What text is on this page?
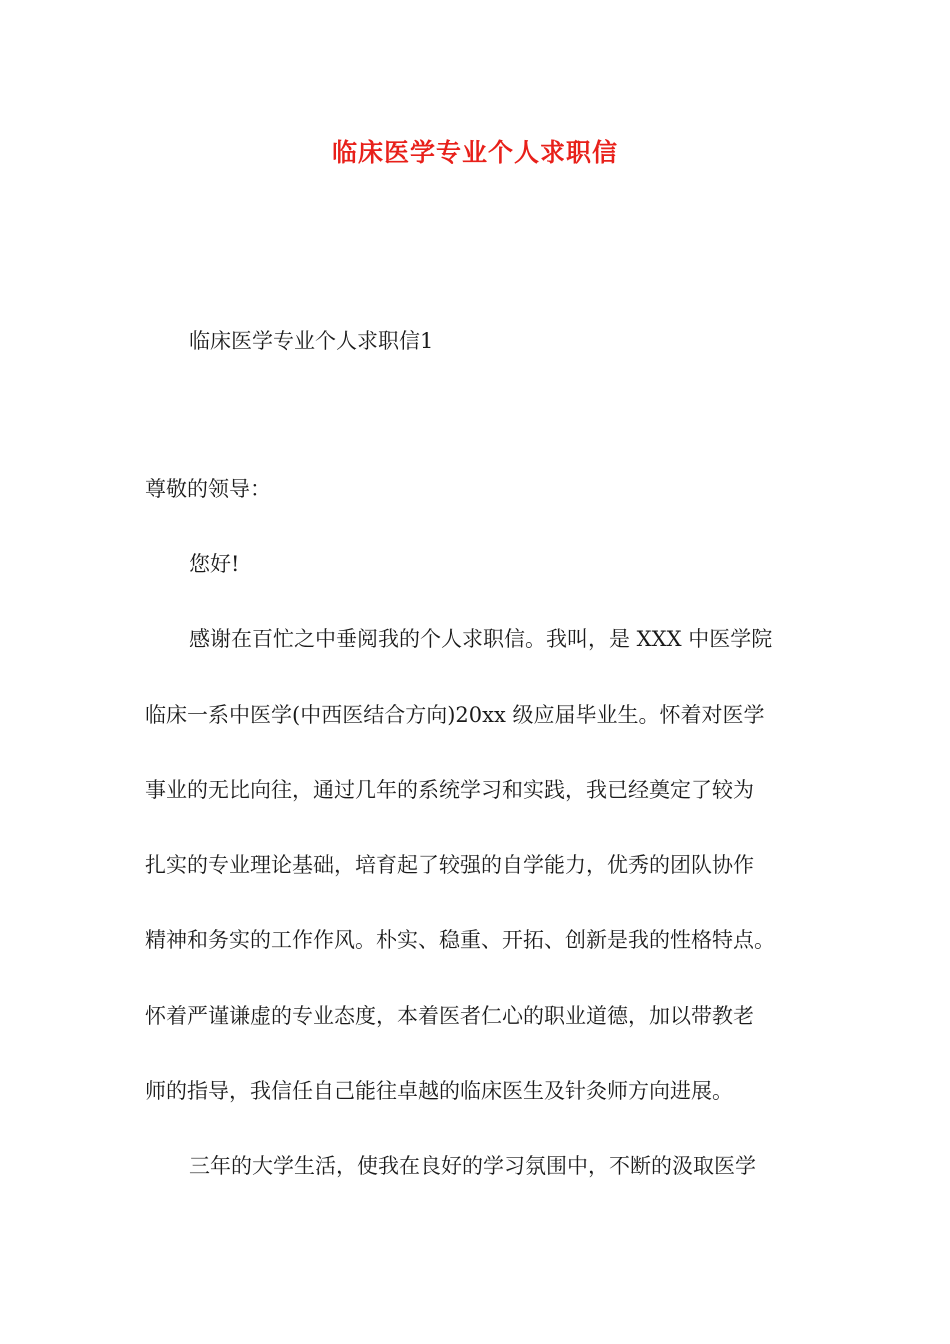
临床医学专业个人求职信
临床医学专业个人求职信1
尊敬的领导：
您好!
感谢在百忙之中垂阅我的个人求职信。我叫，是 XXX 中医学院
临床一系中医学(中西医结合方向)20xx 级应届毕业生。怀着对医学
事业的无比向往，通过几年的系统学习和实践，我已经奠定了较为
扎实的专业理论基础，培育起了较强的自学能力，优秀的团队协作
精神和务实的工作作风。朴实、稳重、开拓、创新是我的性格特点。
怀着严谨谦虚的专业态度，本着医者仁心的职业道德，加以带教老
师的指导，我信任自己能往卓越的临床医生及针灸师方向进展。
三年的大学生活，使我在良好的学习氛围中，不断的汲取医学
